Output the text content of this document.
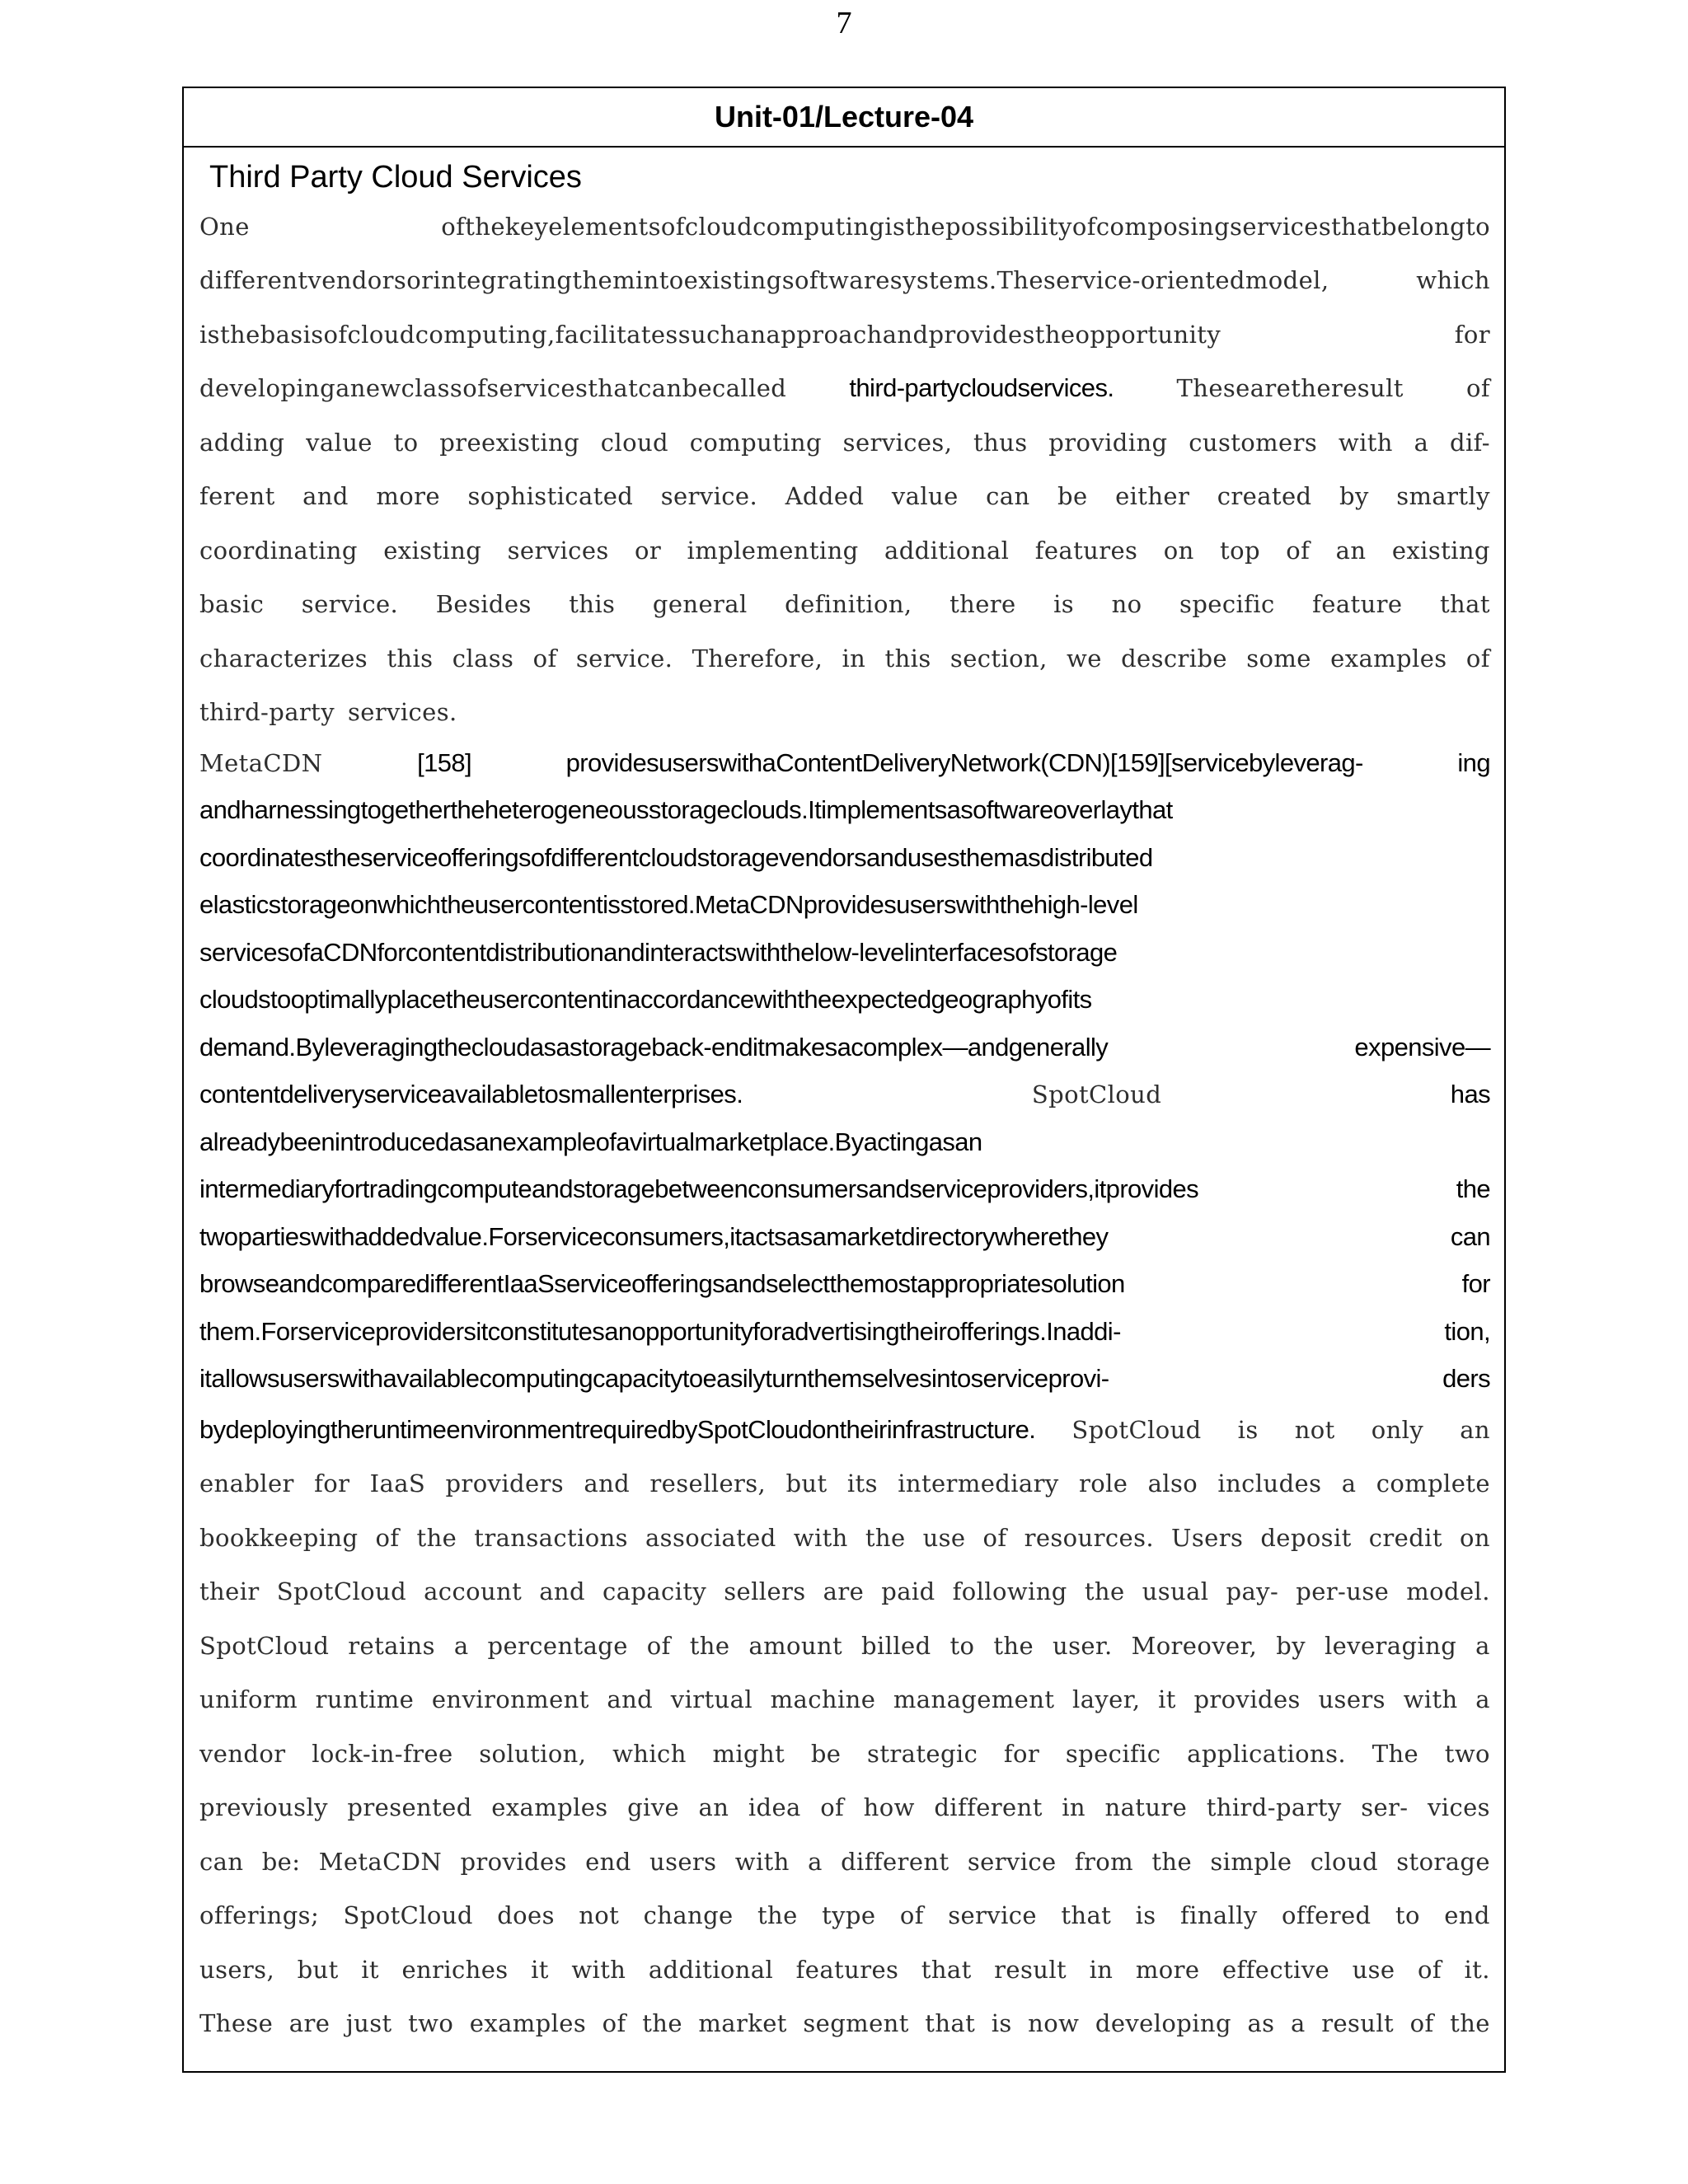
7
Unit-01/Lecture-04
Third Party Cloud Services
One	ofthekeyelementsofcloudcomputingisthepossibilityofcomposingservicesthatbelongto
differentvendorsorintegratingthemintoexistingsoftwaresystems.Theservice-orientedmodel,	which
isthebasisofcloudcomputing,facilitatessuchanapproachandprovidestheopportunity	for
developinganewclassofservicesthatcanbecalled third-partycloudservices.	Thesearetheresult	of
adding value to preexisting cloud computing services, thus providing customers with a dif-
ferent and more sophisticated service. Added value can be either created by smartly
coordinating existing services or implementing additional features on top of an existing
basic service. Besides this general definition, there is no specific feature that
characterizes this class of service. Therefore, in this section, we describe some examples of
third-party services.
MetaCDN	[158]	providesuserswithaContentDeliveryNetwork(CDN)[159][servicebyleverag-	ing
andharnessingtogethertheheterogeneousstorageclouds.Itimplementsasoftwareoverlaythat
coordinatestheserviceofferingsofdifferentcloudstoragevendorsandusesthemasdistributed
elasticstorageonwhichtheusercontentisstored.MetaCDNprovidesuserswiththehigh-level
servicesofaCDNforcontentdistributionandinteractswiththelow-levelinterfacesofstorage
cloudstooptimallyplacetheusercontentinaccordancewiththeexpectedgeographyofits
demand.Byleveragingthecloudasastorageback-enditmakesacomplex—andgenerally	expensive—
contentdeliveryserviceavailabletosmallenterprises.	SpotCloud	has
alreadybeenintroducedasanexampleofavirtualmarketplace.Byactingasan
intermediaryfortradingcomputeandstoragebetweenconsumersandserviceproviders,itprovides	the
twopartieswithaddedvalue.Forserviceconsumers,itactsasamarketdirectorywherethey	can
browseandcomparedifferentIaaSserviceofferingsandselectthemostappropriatesolution	for
them.Forserviceprovidersitconstitutesanopportunityforadvertisingtheirofferings.Inaddi-	tion,
itallowsuserswithavailablecomputingcapacitytoeasilyturnthemselvesintoserviceprovi-	ders
bydeployingtheruntimeenvironmentrequiredbySpotCloudontheirinfrastructure. SpotCloud is not only an
enabler for IaaS providers and resellers, but its intermediary role also includes a complete
bookkeeping of the transactions associated with the use of resources. Users deposit credit on
their SpotCloud account and capacity sellers are paid following the usual pay- per-use model.
SpotCloud retains a percentage of the amount billed to the user. Moreover, by leveraging a
uniform runtime environment and virtual machine management layer, it provides users with a
vendor lock-in-free solution, which might be strategic for specific applications. The two
previously presented examples give an idea of how different in nature third-party ser- vices
can be: MetaCDN provides end users with a different service from the simple cloud storage
offerings; SpotCloud does not change the type of service that is finally offered to end
users, but it enriches it with additional features that result in more effective use of it.
These are just two examples of the market segment that is now developing as a result of the
